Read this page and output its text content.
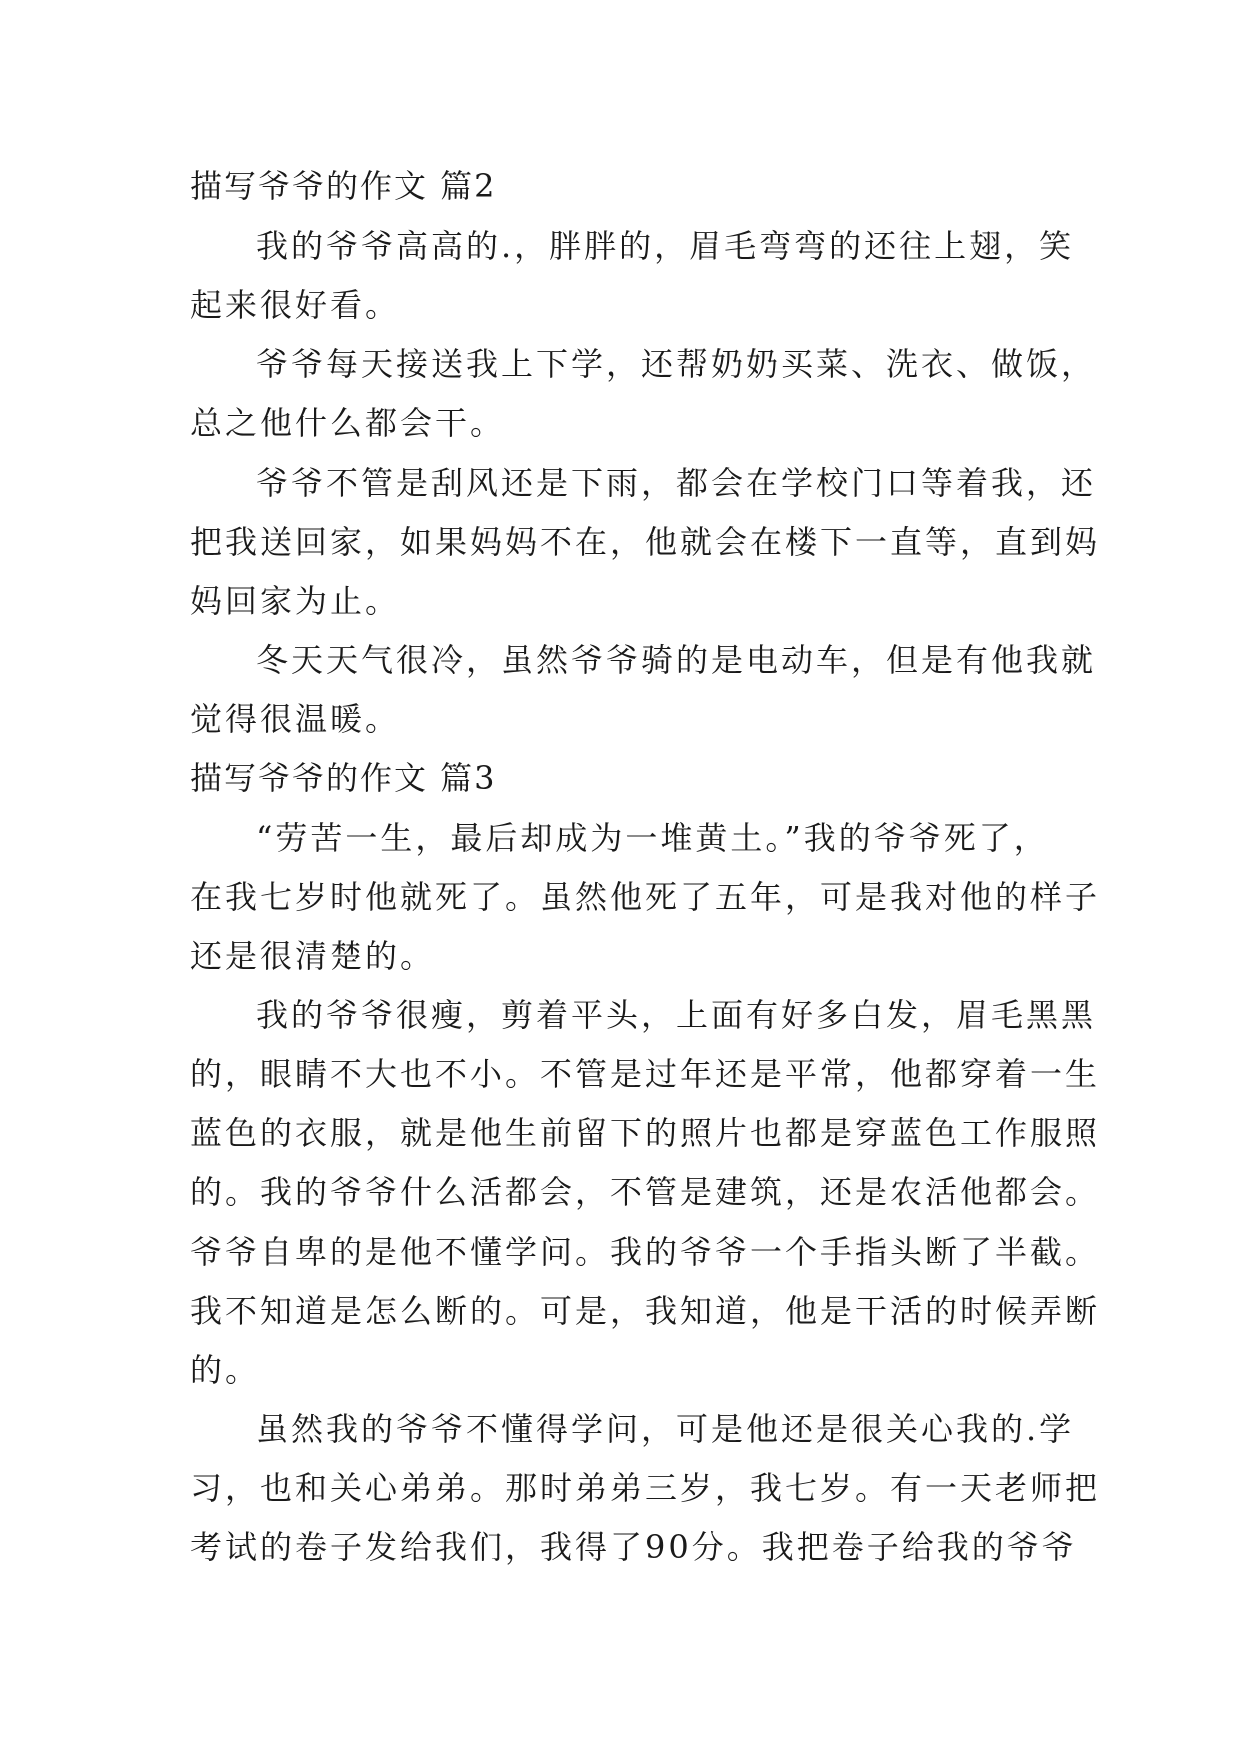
描写爷爷的作文 篇2
我的爷爷高高的.，胖胖的，眉毛弯弯的还往上翅，笑
起来很好看。
爷爷每天接送我上下学，还帮奶奶买菜、洗衣、做饭，
总之他什么都会干。
爷爷不管是刮风还是下雨，都会在学校门口等着我，还
把我送回家，如果妈妈不在，他就会在楼下一直等，直到妈
妈回家为止。
冬天天气很冷，虽然爷爷骑的是电动车，但是有他我就
觉得很温暖。
描写爷爷的作文 篇3
“劳苦一生，最后却成为一堆黄土。”我的爷爷死了，
在我七岁时他就死了。虽然他死了五年，可是我对他的样子
还是很清楚的。
我的爷爷很瘦，剪着平头，上面有好多白发，眉毛黑黑
的，眼睛不大也不小。不管是过年还是平常，他都穿着一生
蓝色的衣服，就是他生前留下的照片也都是穿蓝色工作服照
的。我的爷爷什么活都会，不管是建筑，还是农活他都会。
爷爷自卑的是他不懂学问。我的爷爷一个手指头断了半截。
我不知道是怎么断的。可是，我知道，他是干活的时候弄断
的。
虽然我的爷爷不懂得学问，可是他还是很关心我的.学
习，也和关心弟弟。那时弟弟三岁，我七岁。有一天老师把
考试的卷子发给我们，我得了90分。我把卷子给我的爷爷
